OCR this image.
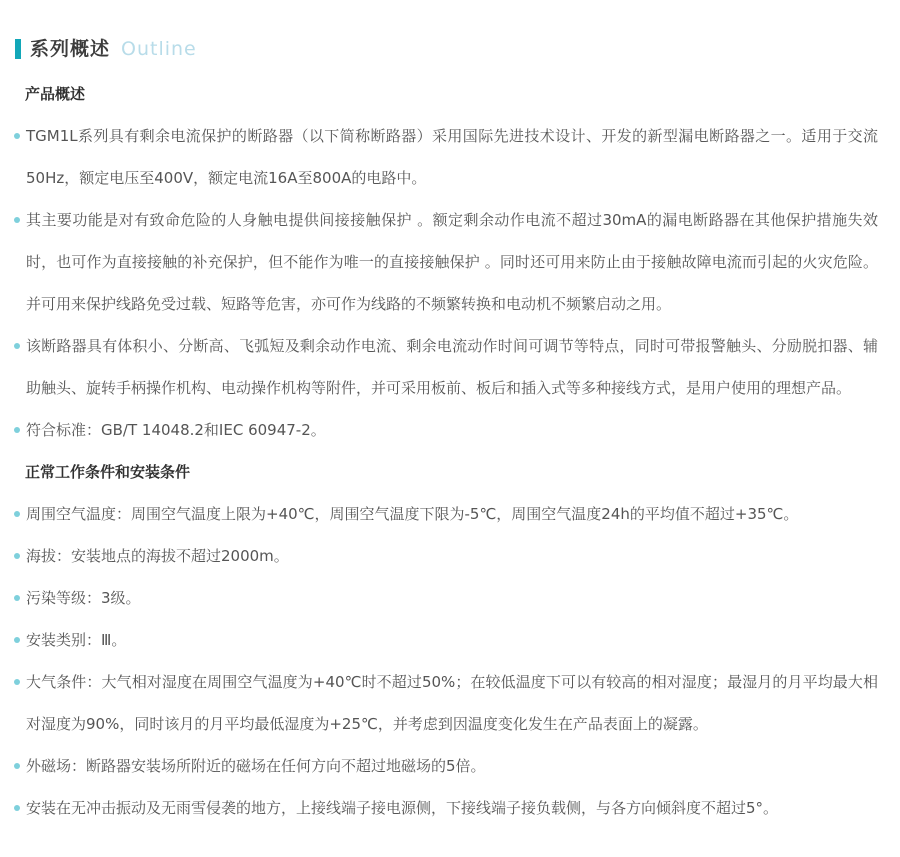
系列概述 Outline
产品概述
TGM1L系列具有剩余电流保护的断路器（以下简称断路器）采用国际先进技术设计、开发的新型漏电断路器之一。适用于交流50Hz，额定电压至400V，额定电流16A至800A的电路中。
其主要功能是对有致命危险的人身触电提供间接接触保护 。额定剩余动作电流不超过30mA的漏电断路器在其他保护措施失效时，也可作为直接接触的补充保护，但不能作为唯一的直接接触保护 。同时还可用来防止由于接触故障电流而引起的火灾危险。并可用来保护线路免受过载、短路等危害，亦可作为线路的不频繁转换和电动机不频繁启动之用。
该断路器具有体积小、分断高、飞弧短及剩余动作电流、剩余电流动作时间可调节等特点，同时可带报警触头、分励脱扣器、辅助触头、旋转手柄操作机构、电动操作机构等附件，并可采用板前、板后和插入式等多种接线方式，是用户使用的理想产品。
符合标准：GB/T 14048.2和IEC 60947-2。
正常工作条件和安装条件
周围空气温度：周围空气温度上限为+40℃，周围空气温度下限为-5℃，周围空气温度24h的平均值不超过+35℃。
海拔：安装地点的海拔不超过2000m。
污染等级：3级。
安装类别：Ⅲ。
大气条件：大气相对湿度在周围空气温度为+40℃时不超过50%；在较低温度下可以有较高的相对湿度；最湿月的月平均最大相对湿度为90%，同时该月的月平均最低湿度为+25℃，并考虑到因温度变化发生在产品表面上的凝露。
外磁场：断路器安装场所附近的磁场在任何方向不超过地磁场的5倍。
安装在无冲击振动及无雨雪侵袭的地方，上接线端子接电源侧，下接线端子接负载侧，与各方向倾斜度不超过5°。
